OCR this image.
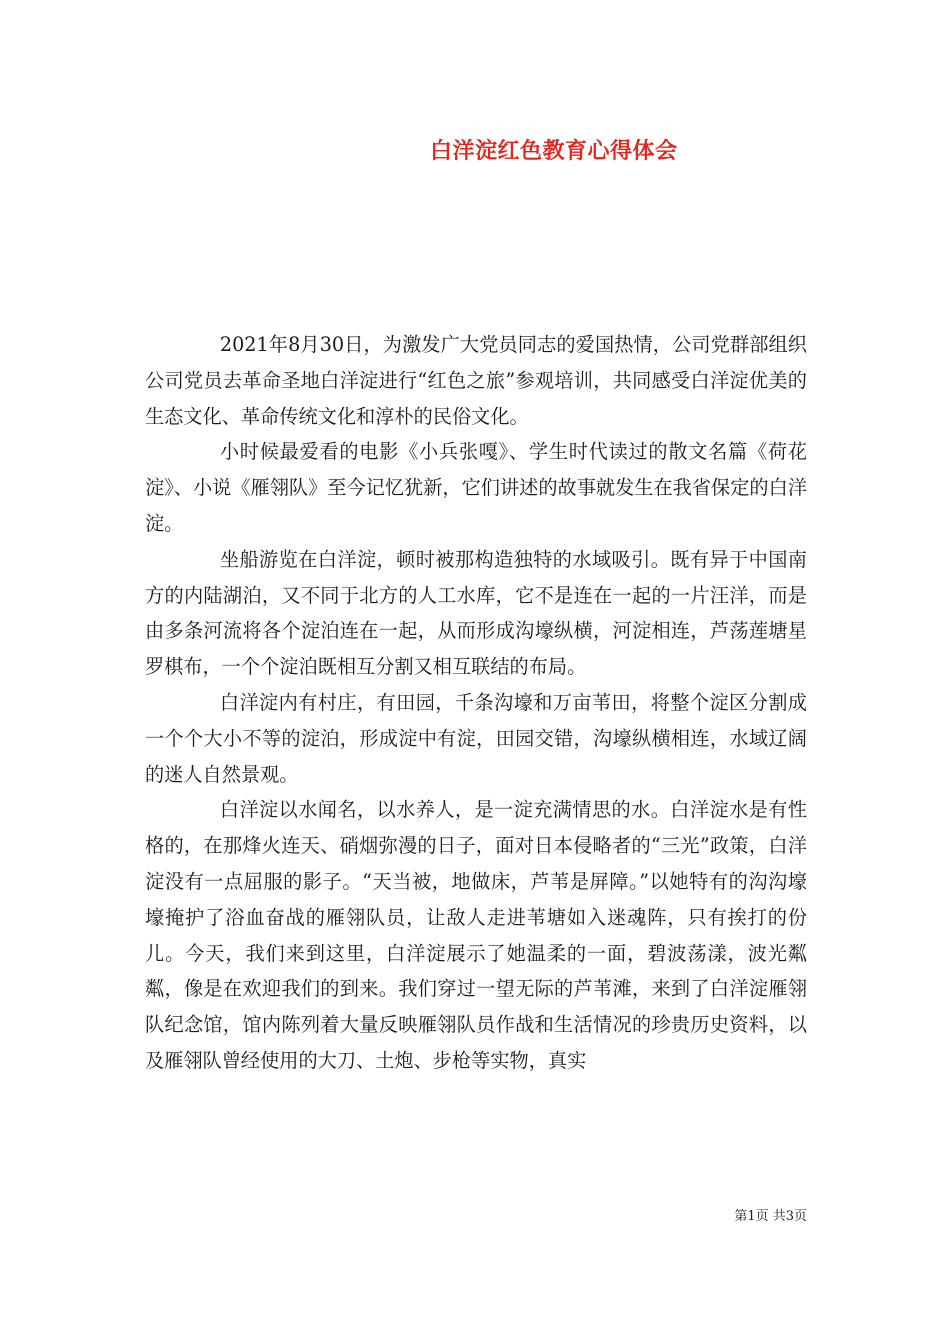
白洋淀红色教育心得体会

2021年8月30日，为激发广大党员同志的爱国热情，公司党群部组织公司党员去革命圣地白洋淀进行“红色之旅”参观培训，共同感受白洋淀优美的生态文化、革命传统文化和淳朴的民俗文化。

小时候最爱看的电影《小兵张嘎》、学生时代读过的散文名篇《荷花淀》、小说《雁翎队》至今记忆犹新，它们讲述的故事就发生在我省保定的白洋淀。

坐船游览在白洋淀，顿时被那构造独特的水域吸引。既有异于中国南方的内陆湖泊，又不同于北方的人工水库，它不是连在一起的一片汪洋，而是由多条河流将各个淀泊连在一起，从而形成沟壕纵横，河淀相连，芦荡莲塘星罗棋布，一个个淀泊既相互分割又相互联结的布局。

白洋淀内有村庄，有田园，千条沟壕和万亩苇田，将整个淀区分割成一个个大小不等的淀泊，形成淀中有淀，田园交错，沟壕纵横相连，水域辽阔的迷人自然景观。

白洋淀以水闻名，以水养人，是一淀充满情思的水。白洋淀水是有性格的，在那烽火连天、硝烟弥漫的日子，面对日本侵略者的“三光”政策，白洋淀没有一点屈服的影子。“天当被，地做床，芦苇是屏障。”以她特有的沟沟壕壕掩护了浴血奋战的雁翎队员，让敌人走进苇塘如入迷魂阵，只有挨打的份儿。今天，我们来到这里，白洋淀展示了她温柔的一面，碧波荡漾，波光粼粼，像是在欢迎我们的到来。我们穿过一望无际的芦苇滩，来到了白洋淀雁翎队纪念馆，馆内陈列着大量反映雁翎队员作战和生活情况的珍贵历史资料，以及雁翎队曾经使用的大刀、土炮、步枪等实物，真实

第1页 共3页
